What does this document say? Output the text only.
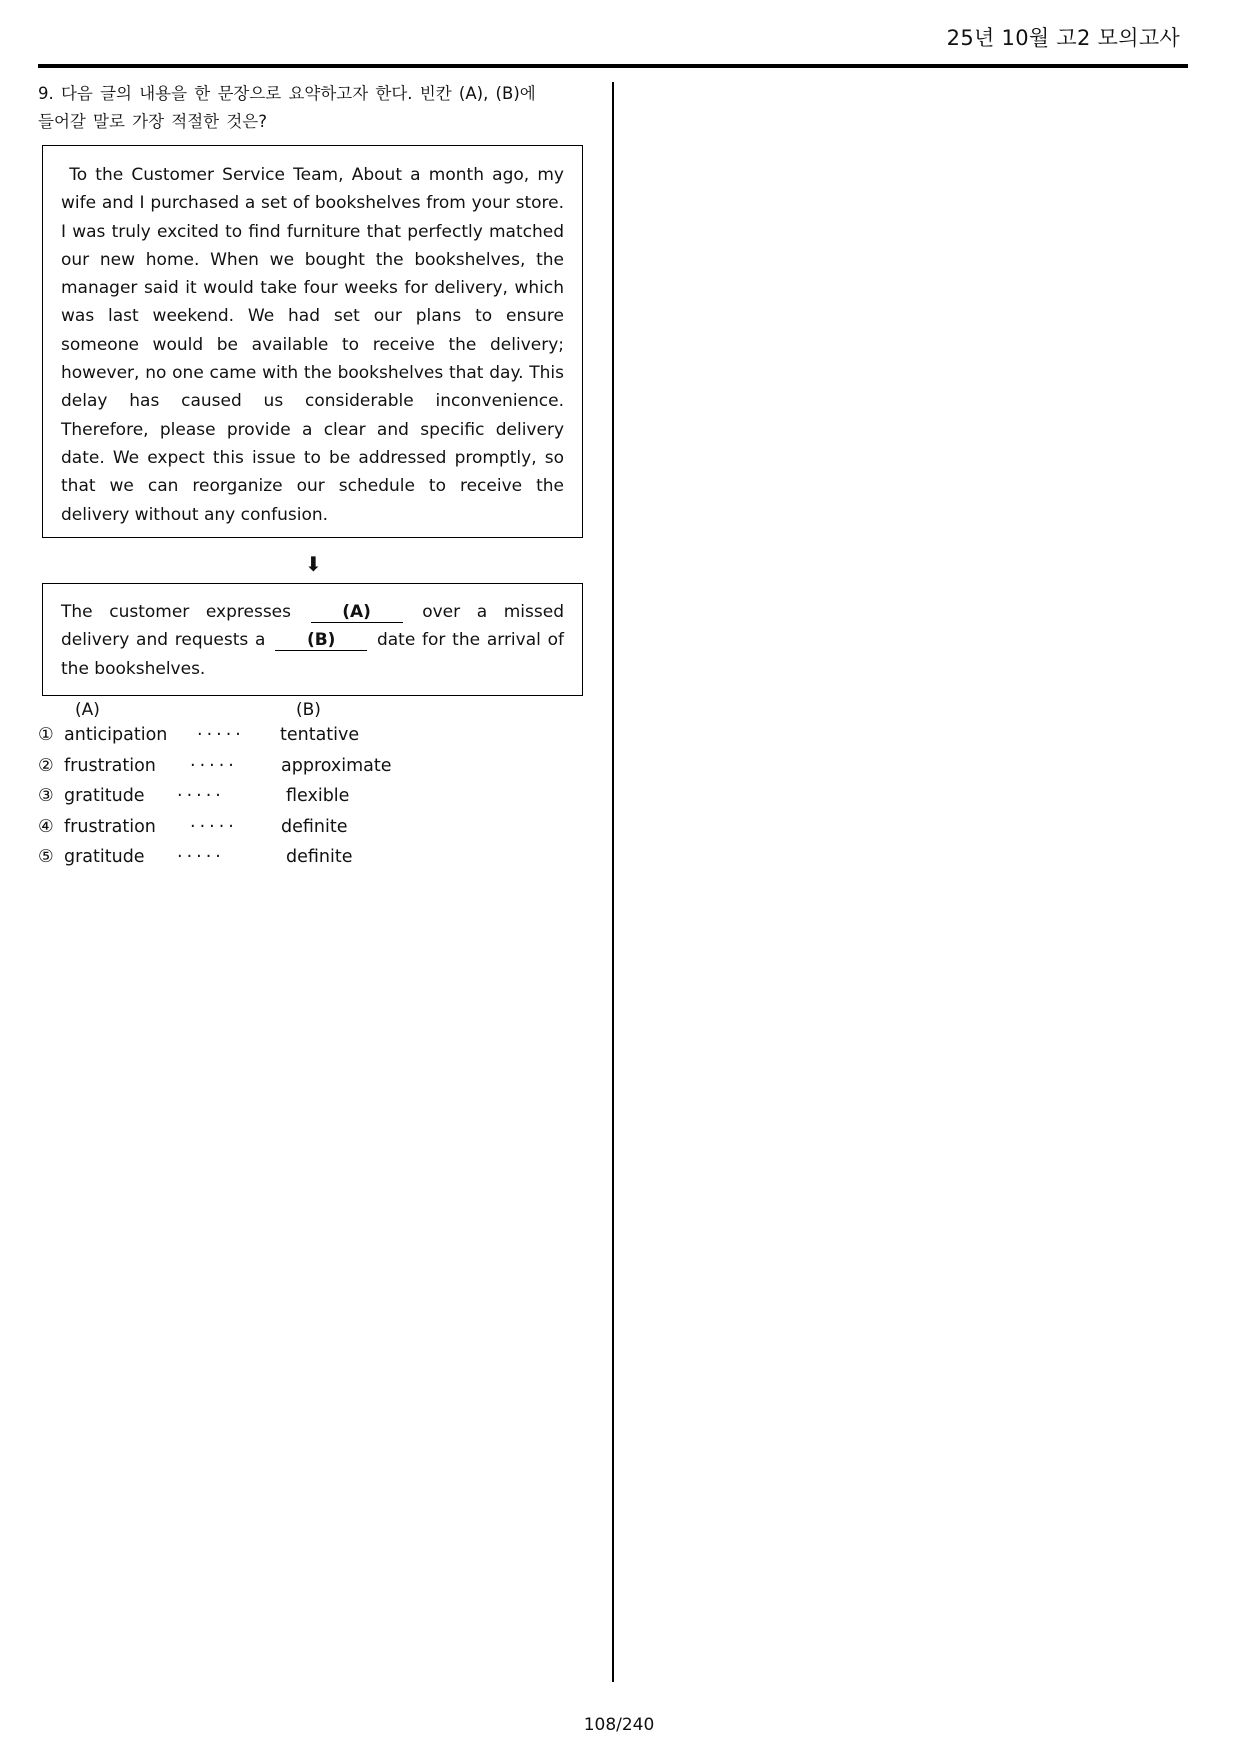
25년 10월 고2 모의고사
9. 다음 글의 내용을 한 문장으로 요약하고자 한다. 빈칸 (A), (B)에
들어갈 말로 가장 적절한 것은?

To the Customer Service Team, About a month ago, my wife and I purchased a set of bookshelves from your store. I was truly excited to find furniture that perfectly matched our new home. When we bought the bookshelves, the manager said it would take four weeks for delivery, which was last weekend. We had set our plans to ensure someone would be available to receive the delivery; however, no one came with the bookshelves that day. This delay has caused us considerable inconvenience. Therefore, please provide a clear and specific delivery date. We expect this issue to be addressed promptly, so that we can reorganize our schedule to receive the delivery without any confusion.

⬇
The customer expresses	(A)	over a missed delivery and requests a (B) date for the arrival of the bookshelves.
(A)	(B)
① anticipation ····· tentative
② frustration ····· approximate
③ gratitude ·····	flexible
④ frustration ····· definite
⑤ gratitude ·····	definite
108/240
